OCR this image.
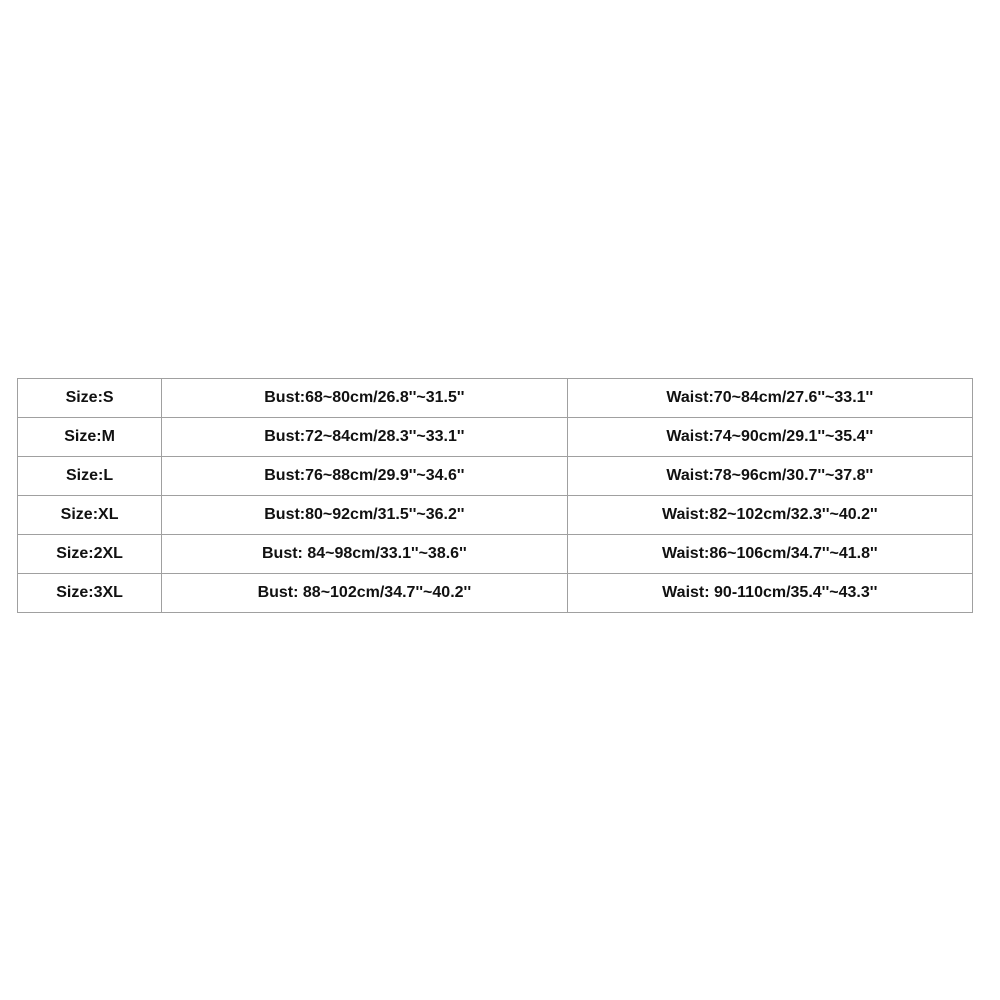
Size:S	Bust:68~80cm/26.8''~31.5''	Waist:70~84cm/27.6''~33.1''
Size:M	Bust:72~84cm/28.3''~33.1''	Waist:74~90cm/29.1''~35.4''
Size:L	Bust:76~88cm/29.9''~34.6''	Waist:78~96cm/30.7''~37.8''
Size:XL	Bust:80~92cm/31.5''~36.2''	Waist:82~102cm/32.3''~40.2''
Size:2XL	Bust: 84~98cm/33.1''~38.6''	Waist:86~106cm/34.7''~41.8''
Size:3XL	Bust: 88~102cm/34.7''~40.2''	Waist: 90-110cm/35.4''~43.3''
